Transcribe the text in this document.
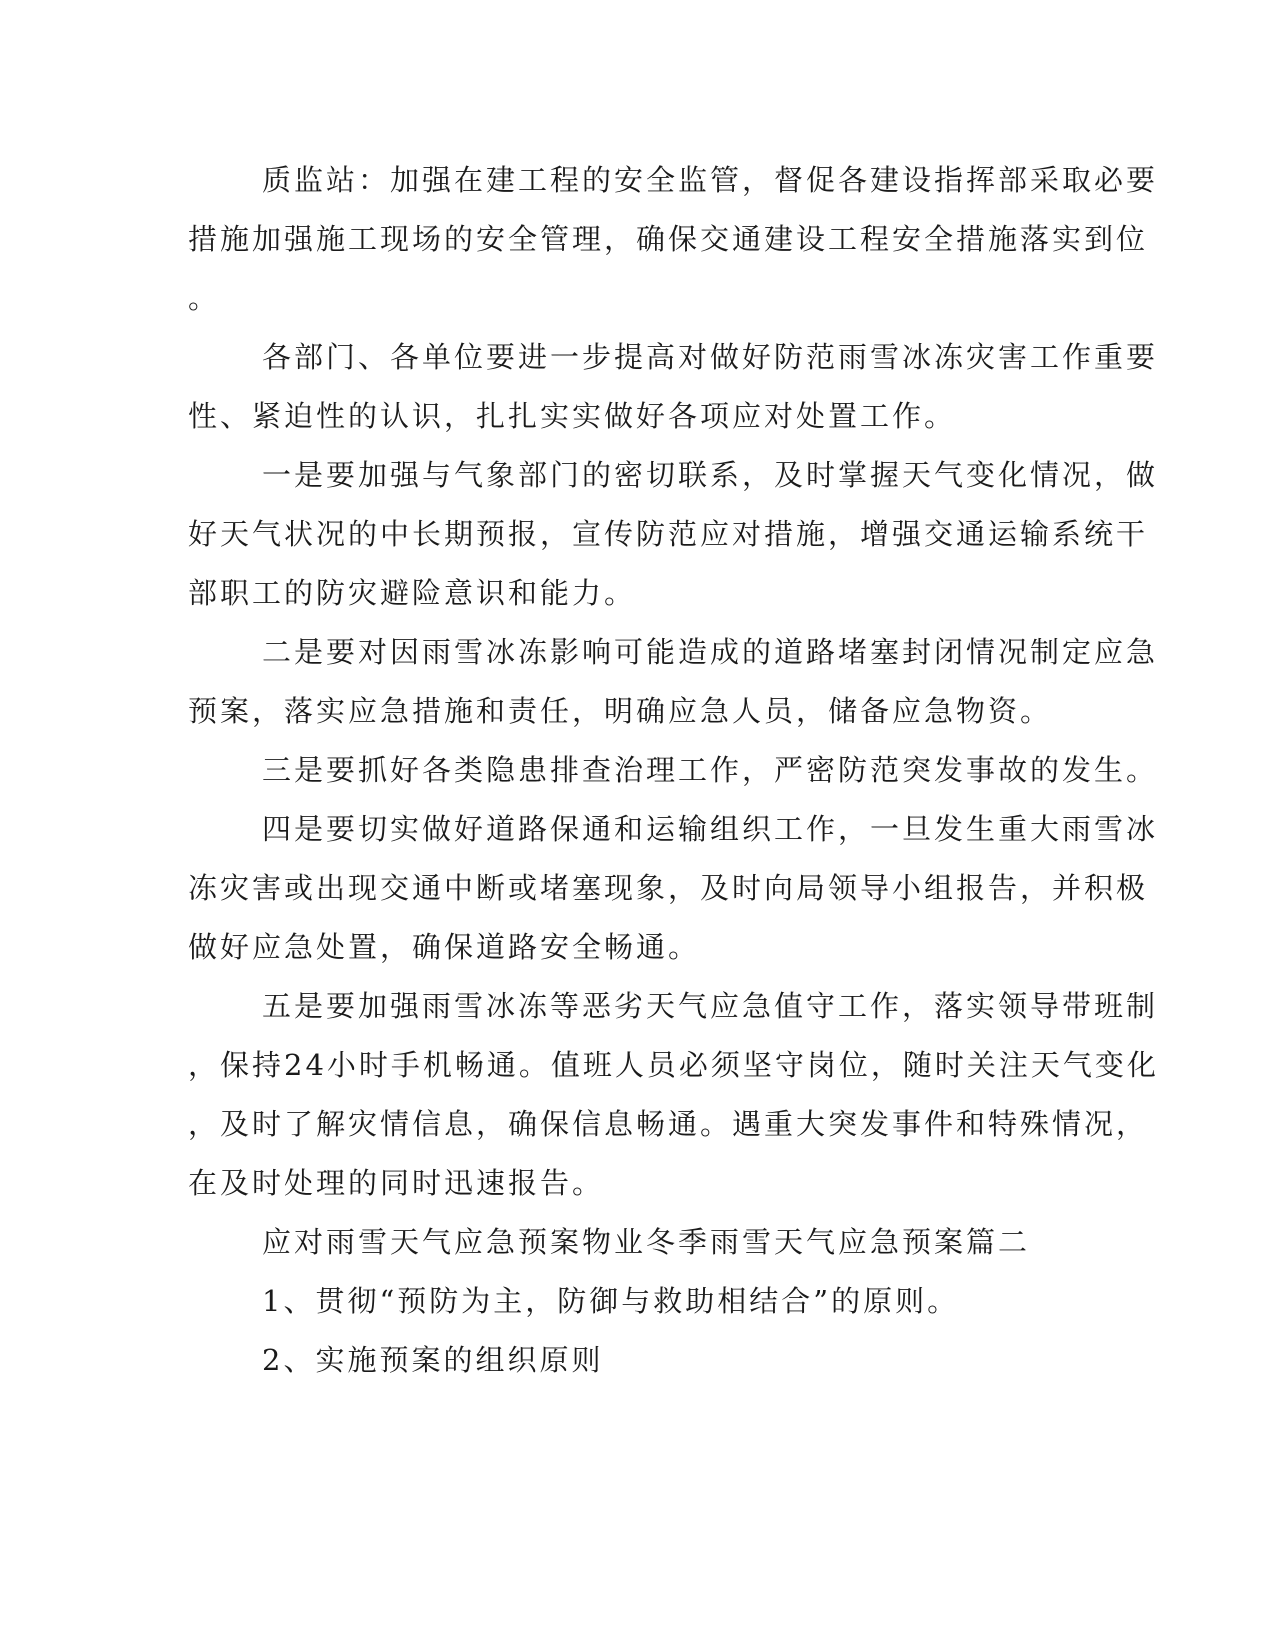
质监站：加强在建工程的安全监管，督促各建设指挥部采取必要

措施加强施工现场的安全管理，确保交通建设工程安全措施落实到位

。

各部门、各单位要进一步提高对做好防范雨雪冰冻灾害工作重要

性、紧迫性的认识，扎扎实实做好各项应对处置工作。

一是要加强与气象部门的密切联系，及时掌握天气变化情况，做

好天气状况的中长期预报，宣传防范应对措施，增强交通运输系统干

部职工的防灾避险意识和能力。

二是要对因雨雪冰冻影响可能造成的道路堵塞封闭情况制定应急

预案，落实应急措施和责任，明确应急人员，储备应急物资。

三是要抓好各类隐患排查治理工作，严密防范突发事故的发生。

四是要切实做好道路保通和运输组织工作，一旦发生重大雨雪冰

冻灾害或出现交通中断或堵塞现象，及时向局领导小组报告，并积极

做好应急处置，确保道路安全畅通。

五是要加强雨雪冰冻等恶劣天气应急值守工作，落实领导带班制

，保持24小时手机畅通。值班人员必须坚守岗位，随时关注天气变化

，及时了解灾情信息，确保信息畅通。遇重大突发事件和特殊情况，

在及时处理的同时迅速报告。

应对雨雪天气应急预案物业冬季雨雪天气应急预案篇二

1、贯彻“预防为主，防御与救助相结合”的原则。

2、实施预案的组织原则
